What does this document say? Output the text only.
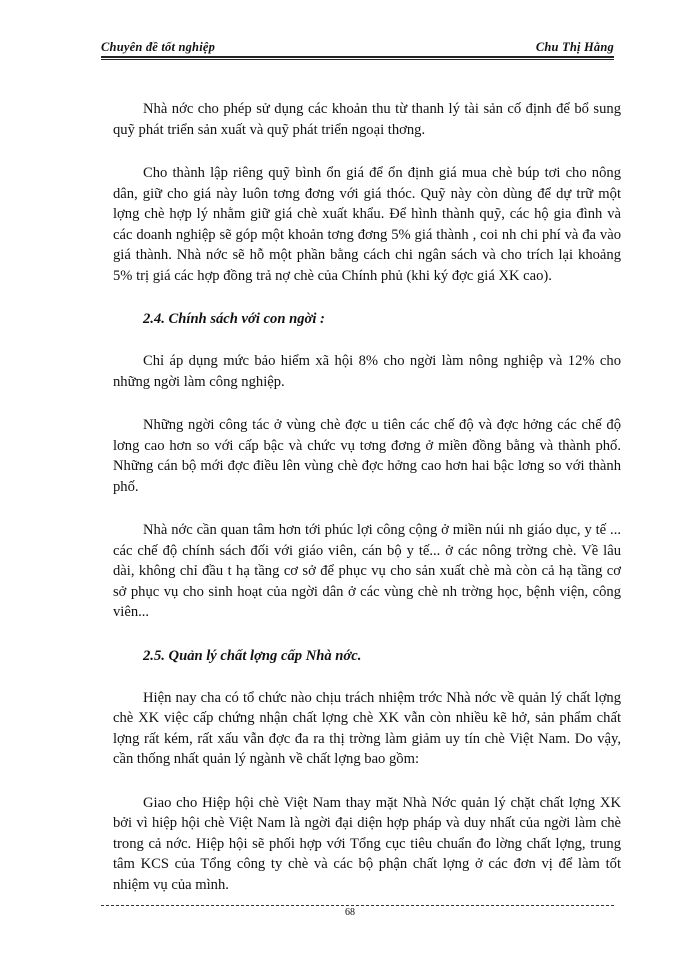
Chuyên đề tốt nghiệp	Chu Thị Hằng

Nhà nớc cho phép sử dụng các khoản thu từ thanh lý tài sản cố định để bổ sung quỹ phát triển sản xuất và quỹ phát triển ngoại thơng.

Cho thành lập riêng quỹ bình ổn giá để ổn định giá mua chè búp tơi cho nông dân, giữ cho giá này luôn tơng đơng với giá thóc. Quỹ này còn dùng để dự trữ một lợng chè hợp lý nhằm giữ giá chè xuất khẩu. Để hình thành quỹ, các hộ gia đình và các doanh nghiệp sẽ góp một khoản tơng đơng 5% giá thành , coi nh chi phí và đa vào giá thành. Nhà nớc sẽ hỗ một phần bằng cách chi ngân sách và cho trích lại khoảng 5% trị giá các hợp đồng trả nợ chè của Chính phủ (khi ký đợc giá XK cao).

2.4. Chính sách với con ngời :

Chỉ áp dụng mức bảo hiểm xã hội 8% cho ngời làm nông nghiệp và 12% cho những ngời làm công nghiệp.

Những ngời công tác ở vùng chè đợc u tiên các chế độ và đợc hởng các chế độ lơng cao hơn so với cấp bậc và chức vụ tơng đơng ở miền đồng bằng và thành phố. Những cán bộ mới đợc điều lên vùng chè đợc hởng cao hơn hai bậc lơng so với thành phố.

Nhà nớc cần quan tâm hơn tới phúc lợi công cộng ở miền núi nh giáo dục, y tế ... các chế độ chính sách đối với giáo viên, cán bộ y tế... ở các nông trờng chè. Về lâu dài, không chỉ đầu t hạ tầng cơ sở để phục vụ cho sản xuất chè mà còn cả hạ tầng cơ sở phục vụ cho sinh hoạt của ngời dân ở các vùng chè nh trờng học, bệnh viện, công viên...

2.5. Quản lý chất lợng cấp Nhà nớc.

Hiện nay cha có tổ chức nào chịu trách nhiệm trớc Nhà nớc về quản lý chất lợng chè XK việc cấp chứng nhận chất lợng chè XK vẫn còn nhiều kẽ hở, sản phẩm chất lợng rất kém, rất xấu vẫn đợc đa ra thị trờng làm giảm uy tín chè Việt Nam. Do vậy, cần thống nhất quản lý ngành về chất lợng bao gồm:

Giao cho Hiệp hội chè Việt Nam thay mặt Nhà Nớc quản lý chặt chất lợng XK bởi vì hiệp hội chè Việt Nam là ngời đại diện hợp pháp và duy nhất của ngời làm chè trong cả nớc. Hiệp hội sẽ phối hợp với Tổng cục tiêu chuẩn đo lờng chất lợng, trung tâm KCS của Tổng công ty chè và các bộ phận chất lợng ở các đơn vị để làm tốt nhiệm vụ của mình.

68
